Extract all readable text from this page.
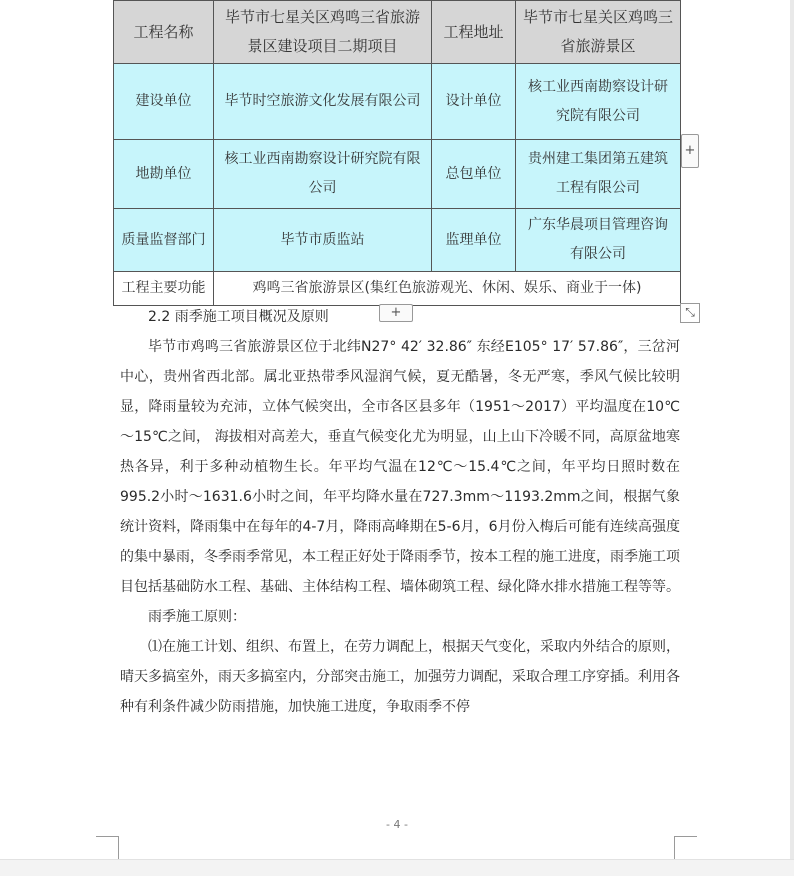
工程名称	毕节市七星关区鸡鸣三省旅游景区建设项目二期项目	工程地址	毕节市七星关区鸡鸣三省旅游景区
建设单位	毕节时空旅游文化发展有限公司	设计单位	核工业西南勘察设计研究院有限公司
地勘单位	核工业西南勘察设计研究院有限公司	总包单位	贵州建工集团第五建筑工程有限公司
质量监督部门	毕节市质监站	监理单位	广东华晨项目管理咨询有限公司
工程主要功能	鸡鸣三省旅游景区(集红色旅游观光、休闲、娱乐、商业于一体)		
+
+	⤡

2.2 雨季施工项目概况及原则

毕节市鸡鸣三省旅游景区位于北纬N27° 42′ 32.86″ 东经E105° 17′ 57.86″，三岔河中心，贵州省西北部。属北亚热带季风湿润气候，夏无酷暑，冬无严寒，季风气候比较明显，降雨量较为充沛，立体气候突出，全市各区县多年（1951～2017）平均温度在10℃～15℃之间， 海拔相对高差大，垂直气候变化尤为明显，山上山下冷暖不同，高原盆地寒热各异，利于多种动植物生长。年平均气温在12℃～15.4℃之间，年平均日照时数在995.2小时～1631.6小时之间，年平均降水量在727.3mm～1193.2mm之间，根据气象统计资料，降雨集中在每年的4-7月，降雨高峰期在5-6月，6月份入梅后可能有连续高强度的集中暴雨，冬季雨季常见，本工程正好处于降雨季节，按本工程的施工进度，雨季施工项目包括基础防水工程、基础、主体结构工程、墙体砌筑工程、绿化降水排水措施工程等等。

雨季施工原则：

⑴在施工计划、组织、布置上，在劳力调配上，根据天气变化，采取内外结合的原则，晴天多搞室外，雨天多搞室内，分部突击施工，加强劳力调配，采取合理工序穿插。利用各种有利条件减少防雨措施，加快施工进度，争取雨季不停

- 4 -
